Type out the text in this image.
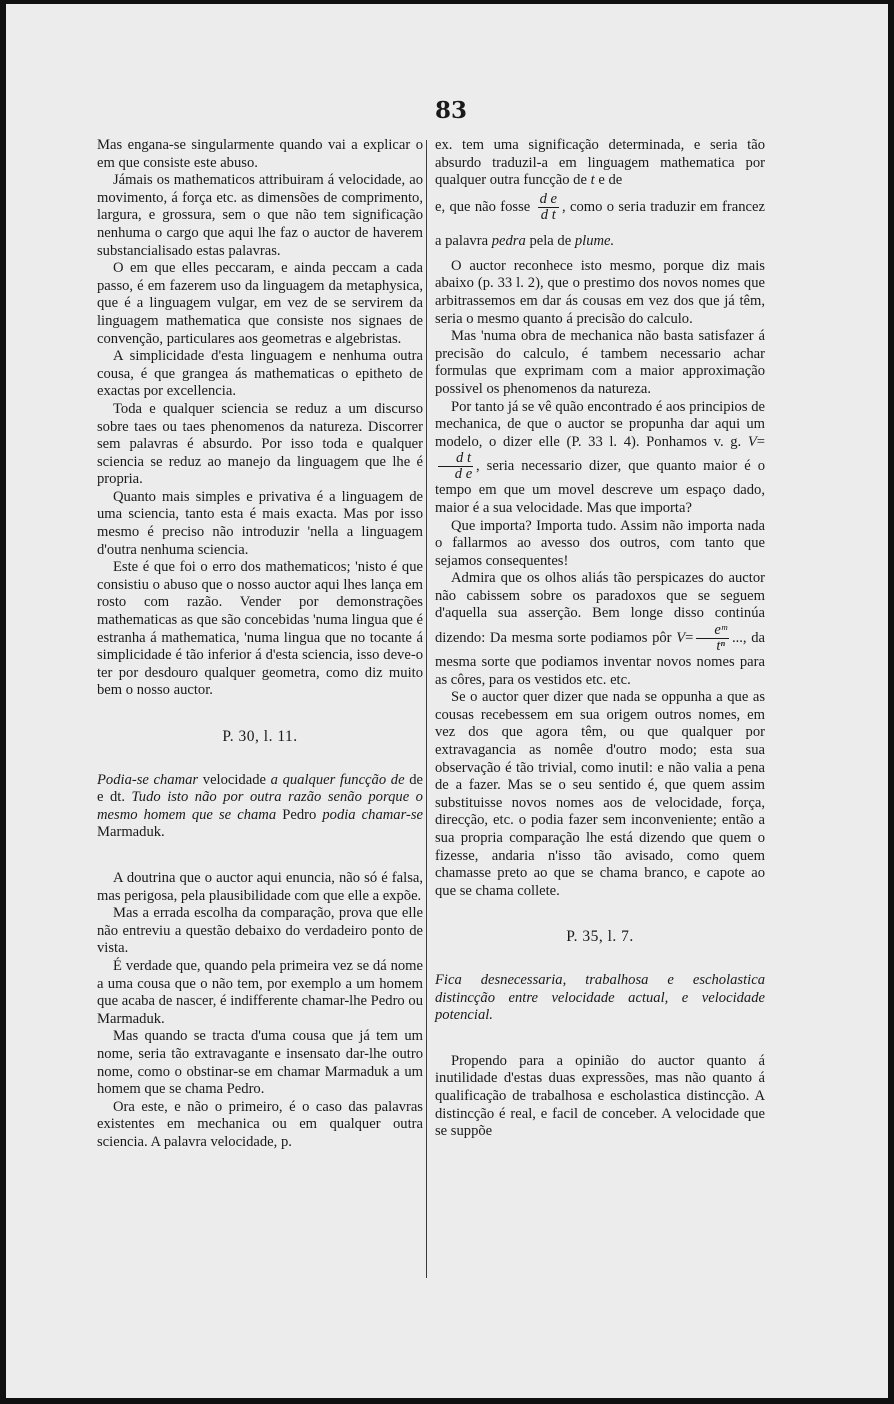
83

Mas engana-se singularmente quando vai a explicar o em que consiste este abuso.

Jámais os mathematicos attribuiram á velocidade, ao movimento, á força etc. as dimensões de comprimento, largura, e grossura, sem o que não tem significação nenhuma o cargo que aqui lhe faz o auctor de haverem substancialisado estas palavras.

O em que elles peccaram, e ainda peccam a cada passo, é em fazerem uso da linguagem da metaphysica, que é a linguagem vulgar, em vez de se servirem da linguagem mathematica que consiste nos signaes de convenção, particulares aos geometras e algebristas.

A simplicidade d'esta linguagem e nenhuma outra cousa, é que grangea ás mathematicas o epitheto de exactas por excellencia.

Toda e qualquer sciencia se reduz a um discurso sobre taes ou taes phenomenos da natureza. Discorrer sem palavras é absurdo. Por isso toda e qualquer sciencia se reduz ao manejo da linguagem que lhe é propria.

Quanto mais simples e privativa é a linguagem de uma sciencia, tanto esta é mais exacta. Mas por isso mesmo é preciso não introduzir 'nella a linguagem d'outra nenhuma sciencia.

Este é que foi o erro dos mathematicos; 'nisto é que consistiu o abuso que o nosso auctor aqui lhes lança em rosto com razão. Vender por demonstrações mathematicas as que são concebidas 'numa lingua que é estranha á mathematica, 'numa lingua que no tocante á simplicidade é tão inferior á d'esta sciencia, isso deve-o ter por desdouro qualquer geometra, como diz muito bem o nosso auctor.

P. 30, l. 11.

Podia-se chamar velocidade a qualquer funcção de de e dt. Tudo isto não por outra razão senão porque o mesmo homem que se chama Pedro podia chamar-se Marmaduk.

A doutrina que o auctor aqui enuncia, não só é falsa, mas perigosa, pela plausibilidade com que elle a expõe.

Mas a errada escolha da comparação, prova que elle não entreviu a questão debaixo do verdadeiro ponto de vista.

É verdade que, quando pela primeira vez se dá nome a uma cousa que o não tem, por exemplo a um homem que acaba de nascer, é indifferente chamar-lhe Pedro ou Marmaduk.

Mas quando se tracta d'uma cousa que já tem um nome, seria tão extravagante e insensato dar-lhe outro nome, como o obstinar-se em chamar Marmaduk a um homem que se chama Pedro.

Ora este, e não o primeiro, é o caso das palavras existentes em mechanica ou em qualquer outra sciencia. A palavra velocidade, p.

ex. tem uma significação determinada, e seria tão absurdo traduzil-a em linguagem mathematica por qualquer outra funcção de t e de
e, que não fosse $\frac{\text{d e}}{\text{d t}}$ , como o seria traduzir em francez a palavra pedra pela de plume.

O auctor reconhece isto mesmo, porque diz mais abaixo (p. 33 l. 2), que o prestimo dos novos nomes que arbitrassemos em dar ás cousas em vez dos que já têm, seria o mesmo quanto á precisão do calculo.

Mas 'numa obra de mechanica não basta satisfazer á precisão do calculo, é tambem necessario achar formulas que exprimam com a maior approximação possivel os phenomenos da natureza.

Por tanto já se vê quão encontrado é aos principios de mechanica, de que o auctor se propunha dar aqui um modelo, o dizer elle (P. 33 l. 4). Ponhamos v. g. V=
$\frac{\text{d t}}{\text{d e}}$ , seria necessario dizer, que quanto maior é o tempo em que um movel descreve um espaço dado, maior é a sua velocidade. Mas que importa?

Que importa? Importa tudo. Assim não importa nada o fallarmos ao avesso dos outros, com tanto que sejamos consequentes!

Admira que os olhos aliás tão perspicazes do auctor não cabissem sobre os paradoxos que se seguem d'aquella sua asserção. Bem longe disso continúa dizendo: Da mesma sorte podiamos pôr $V= \frac{\text{eᵐ}}{\text{tⁿ}}$ ..., da mesma sorte que podiamos inventar novos nomes para as côres, para os vestidos etc. etc.

Se o auctor quer dizer que nada se oppunha a que as cousas recebessem em sua origem outros nomes, em vez dos que agora têm, ou que qualquer por extravagancia as nomêe d'outro modo; esta sua observação é tão trivial, como inutil: e não valia a pena de a fazer. Mas se o seu sentido é, que quem assim substituisse novos nomes aos de velocidade, força, direcção, etc. o podia fazer sem inconveniente; então a sua propria comparação lhe está dizendo que quem o fizesse, andaria n'isso tão avisado, como quem chamasse preto ao que se chama branco, e capote ao que se chama collete.

P. 35, l. 7.

Fica desnecessaria, trabalhosa e escholastica distincção entre velocidade actual, e velocidade potencial.

Propendo para a opinião do auctor quanto á inutilidade d'estas duas expressões, mas não quanto á qualificação de trabalhosa e escholastica distincção. A distincção é real, e facil de conceber. A velocidade que se suppõe
